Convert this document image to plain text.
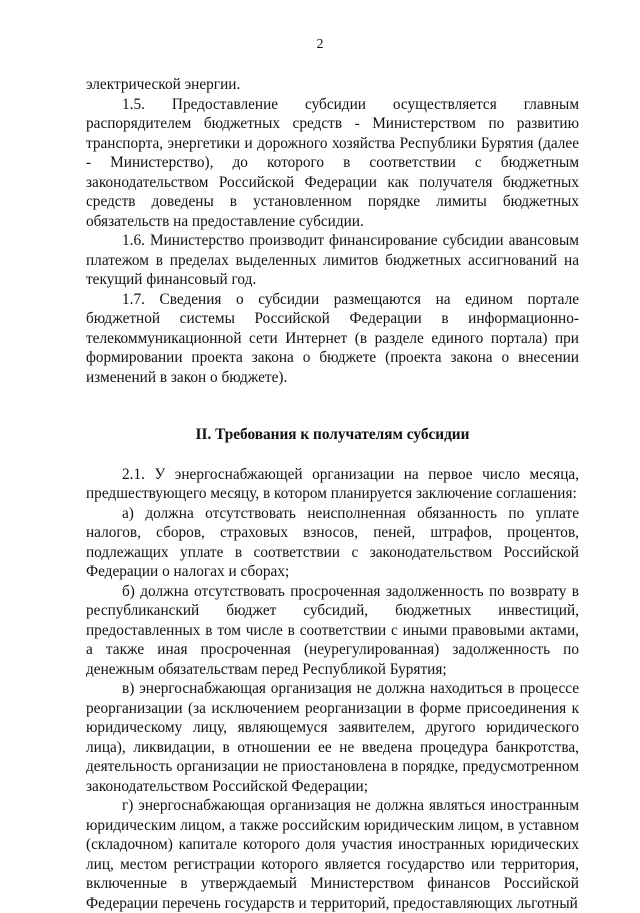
2

электрической энергии.

1.5. Предоставление субсидии осуществляется главным распорядителем бюджетных средств - Министерством по развитию транспорта, энергетики и дорожного хозяйства Республики Бурятия (далее - Министерство), до которого в соответствии с бюджетным законодательством Российской Федерации как получателя бюджетных средств доведены в установленном порядке лимиты бюджетных обязательств на предоставление субсидии.

1.6. Министерство производит финансирование субсидии авансовым платежом в пределах выделенных лимитов бюджетных ассигнований на текущий финансовый год.

1.7. Сведения о субсидии размещаются на едином портале бюджетной системы Российской Федерации в информационно-телекоммуникационной сети Интернет (в разделе единого портала) при формировании проекта закона о бюджете (проекта закона о внесении изменений в закон о бюджете).

II. Требования к получателям субсидии

2.1. У энергоснабжающей организации на первое число месяца, предшествующего месяцу, в котором планируется заключение соглашения:

а) должна отсутствовать неисполненная обязанность по уплате налогов, сборов, страховых взносов, пеней, штрафов, процентов, подлежащих уплате в соответствии с законодательством Российской Федерации о налогах и сборах;

б) должна отсутствовать просроченная задолженность по возврату в республиканский бюджет субсидий, бюджетных инвестиций, предоставленных в том числе в соответствии с иными правовыми актами, а также иная просроченная (неурегулированная) задолженность по денежным обязательствам перед Республикой Бурятия;

в) энергоснабжающая организация не должна находиться в процессе реорганизации (за исключением реорганизации в форме присоединения к юридическому лицу, являющемуся заявителем, другого юридического лица), ликвидации, в отношении ее не введена процедура банкротства, деятельность организации не приостановлена в порядке, предусмотренном законодательством Российской Федерации;

г) энергоснабжающая организация не должна являться иностранным юридическим лицом, а также российским юридическим лицом, в уставном (складочном) капитале которого доля участия иностранных юридических лиц, местом регистрации которого является государство или территория, включенные в утверждаемый Министерством финансов Российской Федерации перечень государств и территорий, предоставляющих льготный
